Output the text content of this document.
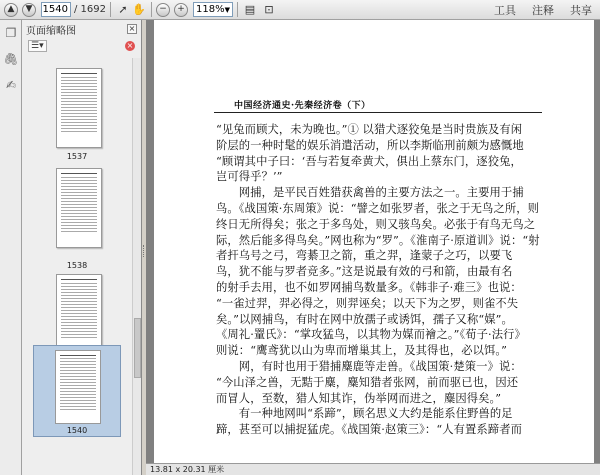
▲	▼
1540	/ 1692	➚ ✋	−	+	118% ▼ ▤ ⊡	工具 注释 共享
❐
🖇
✍
页面缩略图	×
☰▾	×
1537
1538
1540
中国经济通史·先秦经济卷（下）

“见兔而顾犬，未为晚也。”① 以猎犬逐狡兔是当时贵族及有闲

阶层的一种时髦的娱乐消遣活动，所以李斯临刑前颇为感慨地

“顾谓其中子曰：‘吾与若复牵黄犬，俱出上蔡东门，逐狡兔，

岂可得乎？’”

　　网捕，是平民百姓猎获禽兽的主要方法之一。主要用于捕

鸟。《战国策·东周策》说：“譬之如张罗者，张之于无鸟之所，则

终日无所得矣；张之于多鸟处，则又骇鸟矣。必张于有鸟无鸟之

际，然后能多得鸟矣。”网也称为“罗”。《淮南子·原道训》说：“射

者扞乌号之弓，弯綦卫之箭，重之羿，逢蒙子之巧，以要飞

鸟，犹不能与罗者竞多。”这是说最有效的弓和箭，由最有名

的射手去用，也不如罗网捕鸟数量多。《韩非子·难三》也说：

“一雀过羿，羿必得之，则羿诬矣；以天下为之罗，则雀不失

矣。”以网捕鸟，有时在网中放孺子或诱饵，孺子又称“媒”。

《周礼·罿氏》：“掌攻猛鸟，以其物为媒而襘之。”《荀子·法行》

则说：“鹰鸢犹以山为卑而增巢其上，及其得也，必以饵。”

　　网，有时也用于猎捕麋鹿等走兽。《战国策·楚策一》说：

“今山泽之兽，无黠于麋，麋知猎者张网，前而驱已也，因还

而冒人，至数，猎人知其诈，伪举网而进之，麋因得矣。”

　　有一种地网叫“系蹄”，顾名思义大约是能系住野兽的足

蹄，甚至可以捕捉猛虎。《战国策·赵策三》：“人有置系蹄者而

13.81 x 20.31 厘米
